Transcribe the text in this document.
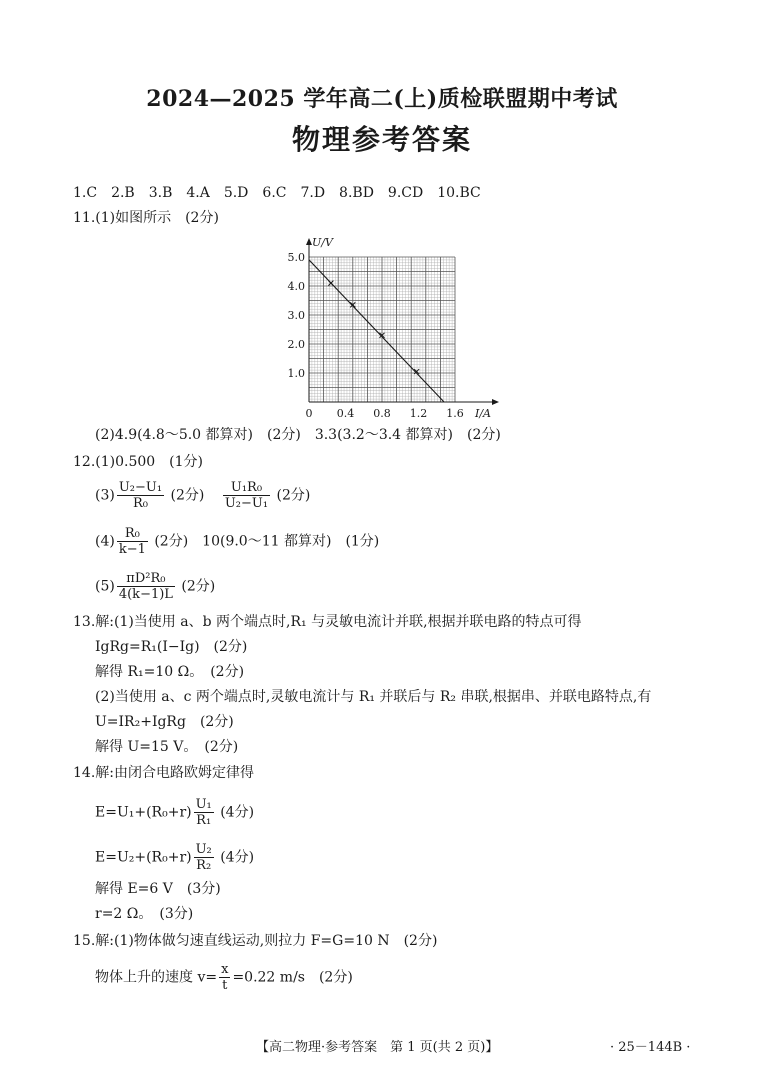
2024—2025 学年高二(上)质检联盟期中考试
物理参考答案
1.C　2.B　3.B　4.A　5.D　6.C　7.D　8.BD　9.CD　10.BC
11.(1)如图所示　(2分)
0 0.4 0.8 1.2 1.6
1.0
2.0
3.0
4.0
5.0
I/A
U/V
(2)4.9(4.8～5.0 都算对)　(2分)　3.3(3.2～3.4 都算对)　(2分)
12.(1)0.500　(1分)
$(3) \frac{\text{U₂−U₁}}{\text{R₀}} (2$分) $\frac{\text{U₁R₀}}{\text{U₂−U₁}} (2$分)
$(4) \frac{\text{R₀}}{k-1} (2$分)　10(9.0～11 都算对)　(1分)
$(5) \frac{\text{πD²R₀}}{4(k-1)L} (2$分)
13.解:(1)当使用 a、b 两个端点时,R₁ 与灵敏电流计并联,根据并联电路的特点可得
IgRg=R₁(I−Ig)　(2分)
解得 R₁=10 Ω。　(2分)
(2)当使用 a、c 两个端点时,灵敏电流计与 R₁ 并联后与 R₂ 串联,根据串、并联电路特点,有
U=IR₂+IgRg　(2分)
解得 U=15 V。　(2分)
14.解:由闭合电路欧姆定律得
$E=U_1+(R_0+r) \frac{\text{U₁}}{\text{R₁}} (4$分)
$E=U_2+(R_0+r) \frac{\text{U₂}}{\text{R₂}} (4$分)
解得 E=6 V　(3分)
r=2 Ω。　(3分)
15.解:(1)物体做匀速直线运动,则拉力 F=G=10 N　(2分)
物体上升的速度 $v= \frac{x}{t} =0.22$ m/s　(2分)
【高二物理·参考答案　第 1 页(共 2 页)】	· 25－144B ·
